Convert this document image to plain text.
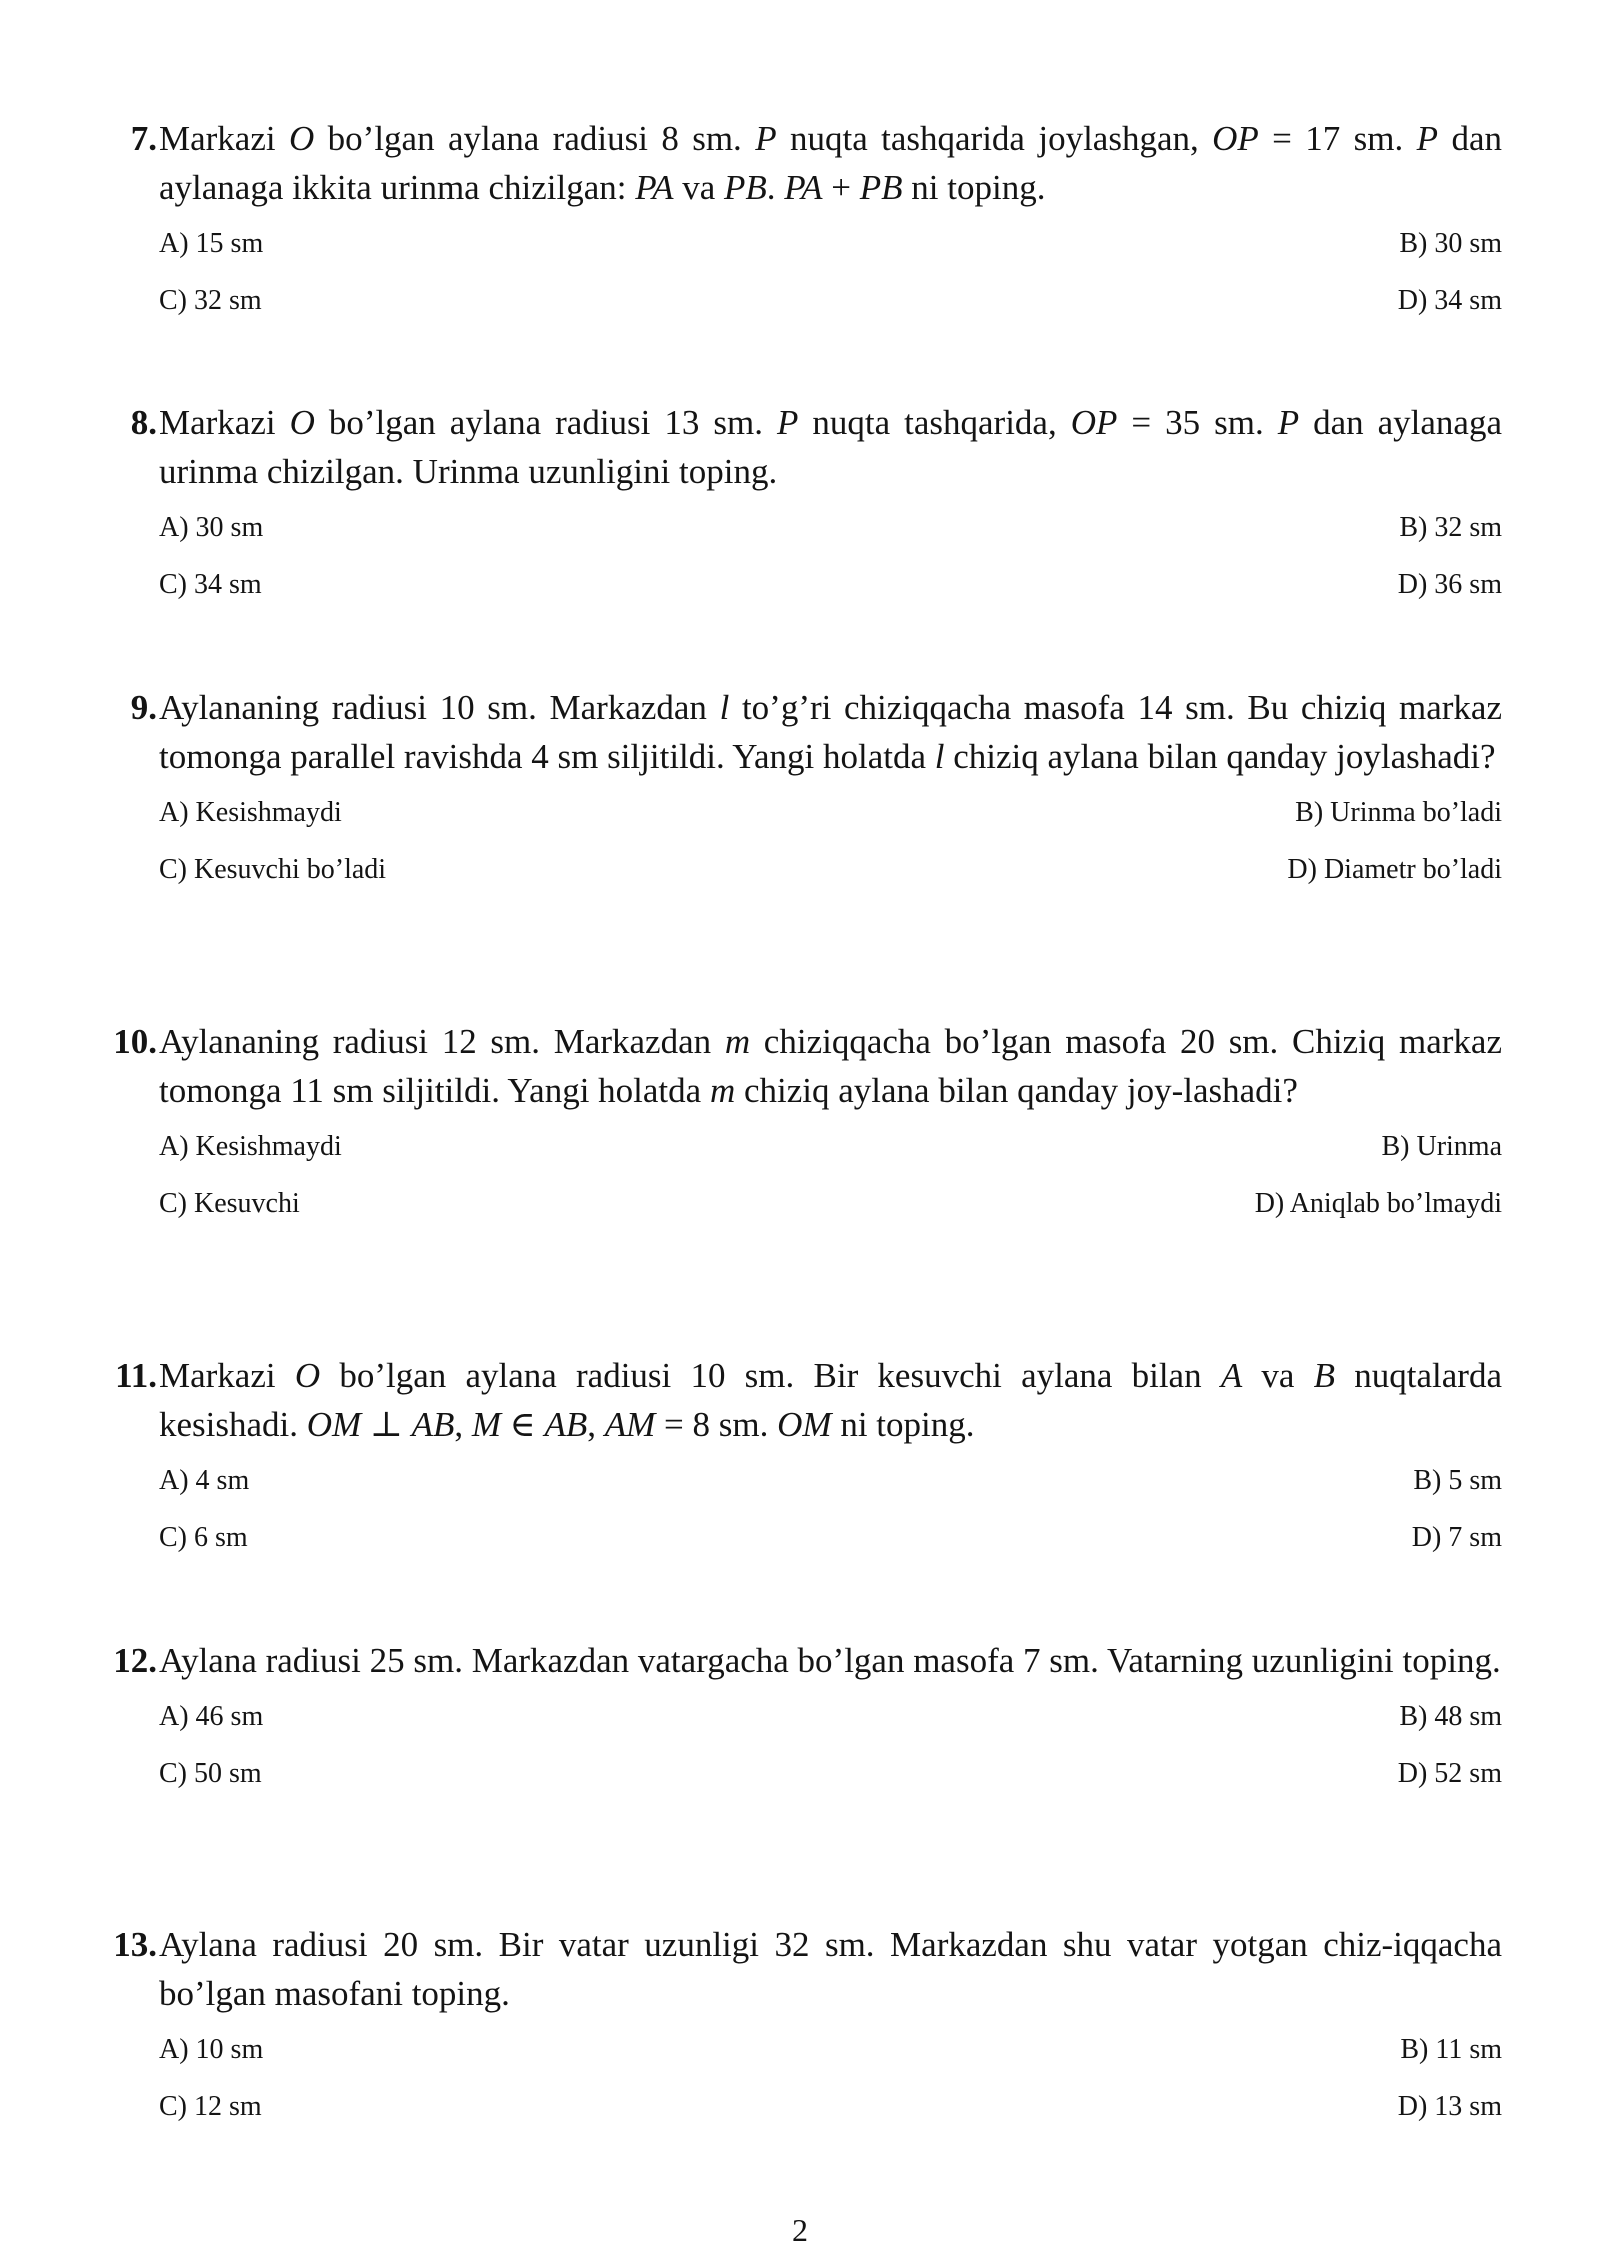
7. Markazi O bo’lgan aylana radiusi 8 sm. P nuqta tashqarida joylashgan, OP = 17 sm. P dan aylanaga ikkita urinma chizilgan: PA va PB. PA + PB ni toping.
A) 15 sm	B) 30 sm
C) 32 sm	D) 34 sm
8. Markazi O bo’lgan aylana radiusi 13 sm. P nuqta tashqarida, OP = 35 sm. P dan aylanaga urinma chizilgan. Urinma uzunligini toping.
A) 30 sm	B) 32 sm
C) 34 sm	D) 36 sm
9. Aylananing radiusi 10 sm. Markazdan l to’g’ri chiziqqacha masofa 14 sm. Bu chiziq markaz tomonga parallel ravishda 4 sm siljitildi. Yangi holatda l chiziq aylana bilan qanday joylashadi?
A) Kesishmaydi	B) Urinma bo’ladi
C) Kesuvchi bo’ladi	D) Diametr bo’ladi
10. Aylananing radiusi 12 sm. Markazdan m chiziqqacha bo’lgan masofa 20 sm. Chiziq markaz tomonga 11 sm siljitildi. Yangi holatda m chiziq aylana bilan qanday joy-lashadi?
A) Kesishmaydi	B) Urinma
C) Kesuvchi	D) Aniqlab bo’lmaydi
11. Markazi O bo’lgan aylana radiusi 10 sm. Bir kesuvchi aylana bilan A va B nuqtalarda kesishadi. OM ⊥ AB, M ∈ AB, AM = 8 sm. OM ni toping.
A) 4 sm	B) 5 sm
C) 6 sm	D) 7 sm
12. Aylana radiusi 25 sm. Markazdan vatargacha bo’lgan masofa 7 sm. Vatarning uzunligini toping.
A) 46 sm	B) 48 sm
C) 50 sm	D) 52 sm
13. Aylana radiusi 20 sm. Bir vatar uzunligi 32 sm. Markazdan shu vatar yotgan chiz-iqqacha bo’lgan masofani toping.
A) 10 sm	B) 11 sm
C) 12 sm	D) 13 sm
2
